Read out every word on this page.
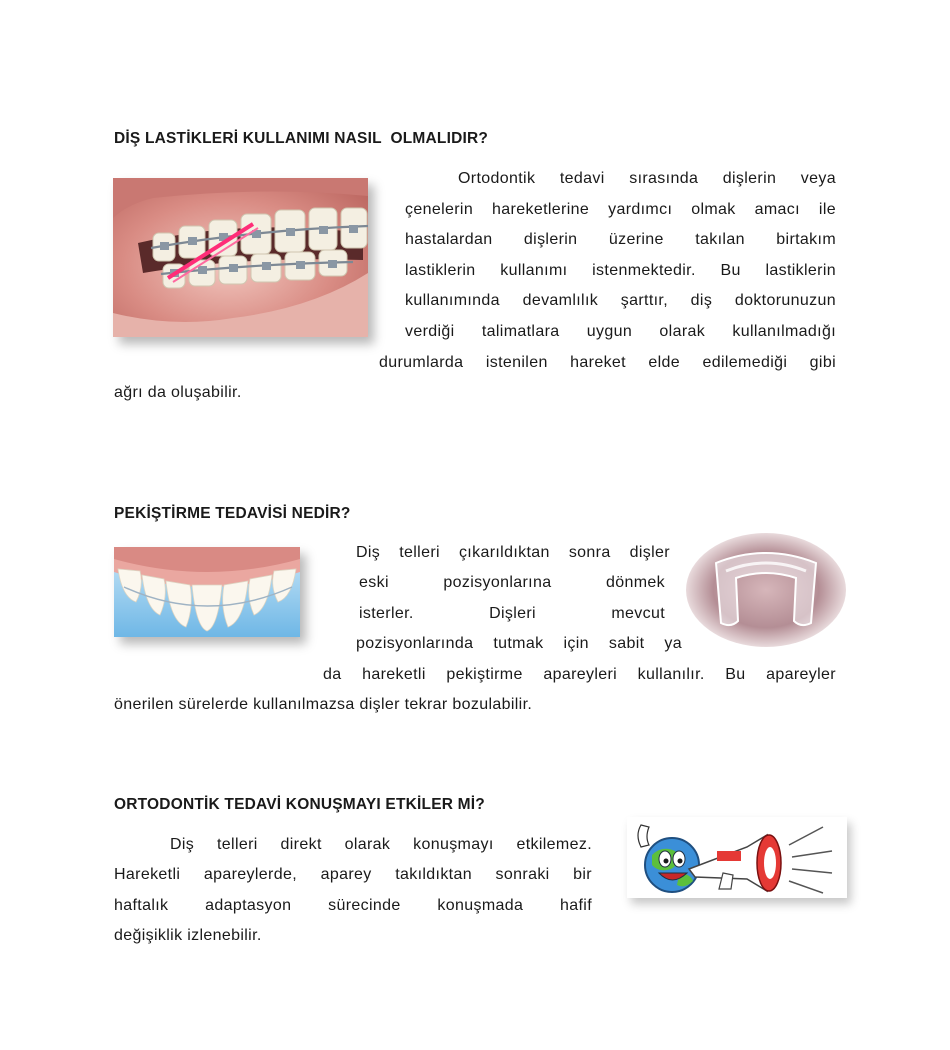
DİŞ LASTİKLERİ KULLANIMI NASIL  OLMALIDIR?

Ortodontik tedavi sırasında dişlerin veya

çenelerin hareketlerine yardımcı olmak amacı ile

hastalardan dişlerin üzerine takılan birtakım

lastiklerin kullanımı istenmektedir. Bu lastiklerin

kullanımında devamlılık şarttır, diş doktorunuzun

verdiği talimatlara uygun olarak kullanılmadığı

durumlarda istenilen hareket elde edilemediği gibi

ağrı da oluşabilir.

PEKİŞTİRME TEDAVİSİ NEDİR?

Diş telleri çıkarıldıktan sonra dişler

eski pozisyonlarına dönmek

isterler. Dişleri mevcut

pozisyonlarında tutmak için sabit ya

da hareketli pekiştirme apareyleri kullanılır. Bu apareyler

önerilen sürelerde kullanılmazsa dişler tekrar bozulabilir.

ORTODONTİK TEDAVİ KONUŞMAYI ETKİLER Mİ?

Diş telleri direkt olarak konuşmayı etkilemez.

Hareketli apareylerde, aparey takıldıktan sonraki bir

haftalık adaptasyon sürecinde konuşmada hafif

değişiklik izlenebilir.
